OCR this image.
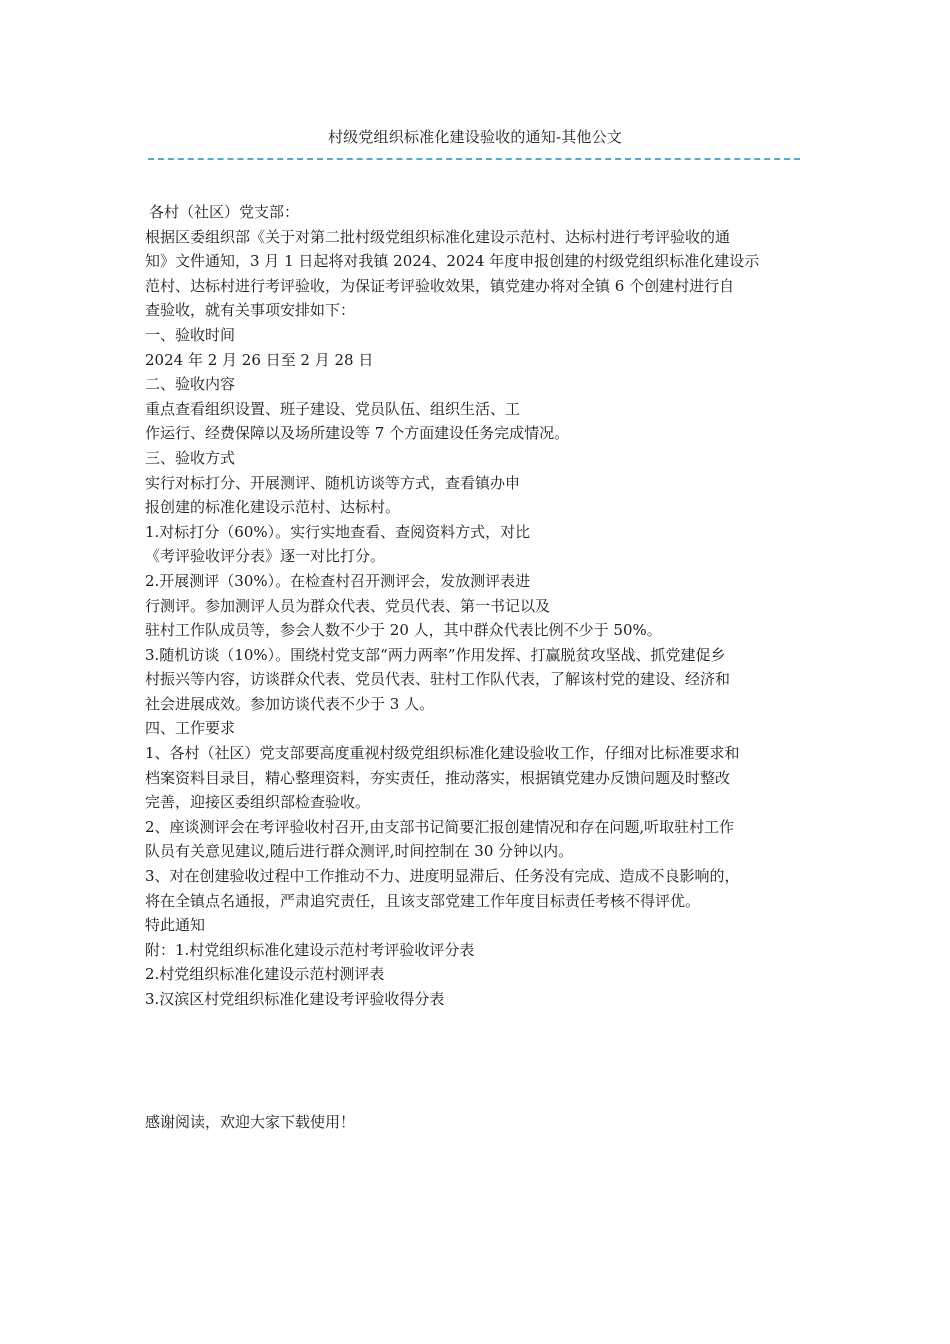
村级党组织标准化建设验收的通知-其他公文
各村（社区）党支部：
根据区委组织部《关于对第二批村级党组织标准化建设示范村、达标村进行考评验收的通
知》文件通知，3 月 1 日起将对我镇 2024、2024 年度申报创建的村级党组织标准化建设示
范村、达标村进行考评验收，为保证考评验收效果，镇党建办将对全镇 6 个创建村进行自
查验收，就有关事项安排如下：
一、验收时间
2024 年 2 月 26 日至 2 月 28 日
二、验收内容
重点查看组织设置、班子建设、党员队伍、组织生活、工
作运行、经费保障以及场所建设等 7 个方面建设任务完成情况。
三、验收方式
实行对标打分、开展测评、随机访谈等方式，查看镇办申
报创建的标准化建设示范村、达标村。
1.对标打分（60%）。实行实地查看、查阅资料方式，对比
《考评验收评分表》逐一对比打分。
2.开展测评（30%）。在检查村召开测评会，发放测评表进
行测评。参加测评人员为群众代表、党员代表、第一书记以及
驻村工作队成员等，参会人数不少于 20 人，其中群众代表比例不少于 50%。
3.随机访谈（10%）。围绕村党支部“两力两率”作用发挥、打赢脱贫攻坚战、抓党建促乡
村振兴等内容，访谈群众代表、党员代表、驻村工作队代表，了解该村党的建设、经济和
社会进展成效。参加访谈代表不少于 3 人。
四、工作要求
1、各村（社区）党支部要高度重视村级党组织标准化建设验收工作，仔细对比标准要求和
档案资料目录目，精心整理资料，夯实责任，推动落实，根据镇党建办反馈问题及时整改
完善，迎接区委组织部检查验收。
2、座谈测评会在考评验收村召开,由支部书记简要汇报创建情况和存在问题,听取驻村工作
队员有关意见建议,随后进行群众测评,时间控制在 30 分钟以内。
3、对在创建验收过程中工作推动不力、进度明显滞后、任务没有完成、造成不良影响的，
将在全镇点名通报，严肃追究责任，且该支部党建工作年度目标责任考核不得评优。
特此通知
附：1.村党组织标准化建设示范村考评验收评分表
2.村党组织标准化建设示范村测评表
3.汉滨区村党组织标准化建设考评验收得分表
感谢阅读，欢迎大家下载使用！
